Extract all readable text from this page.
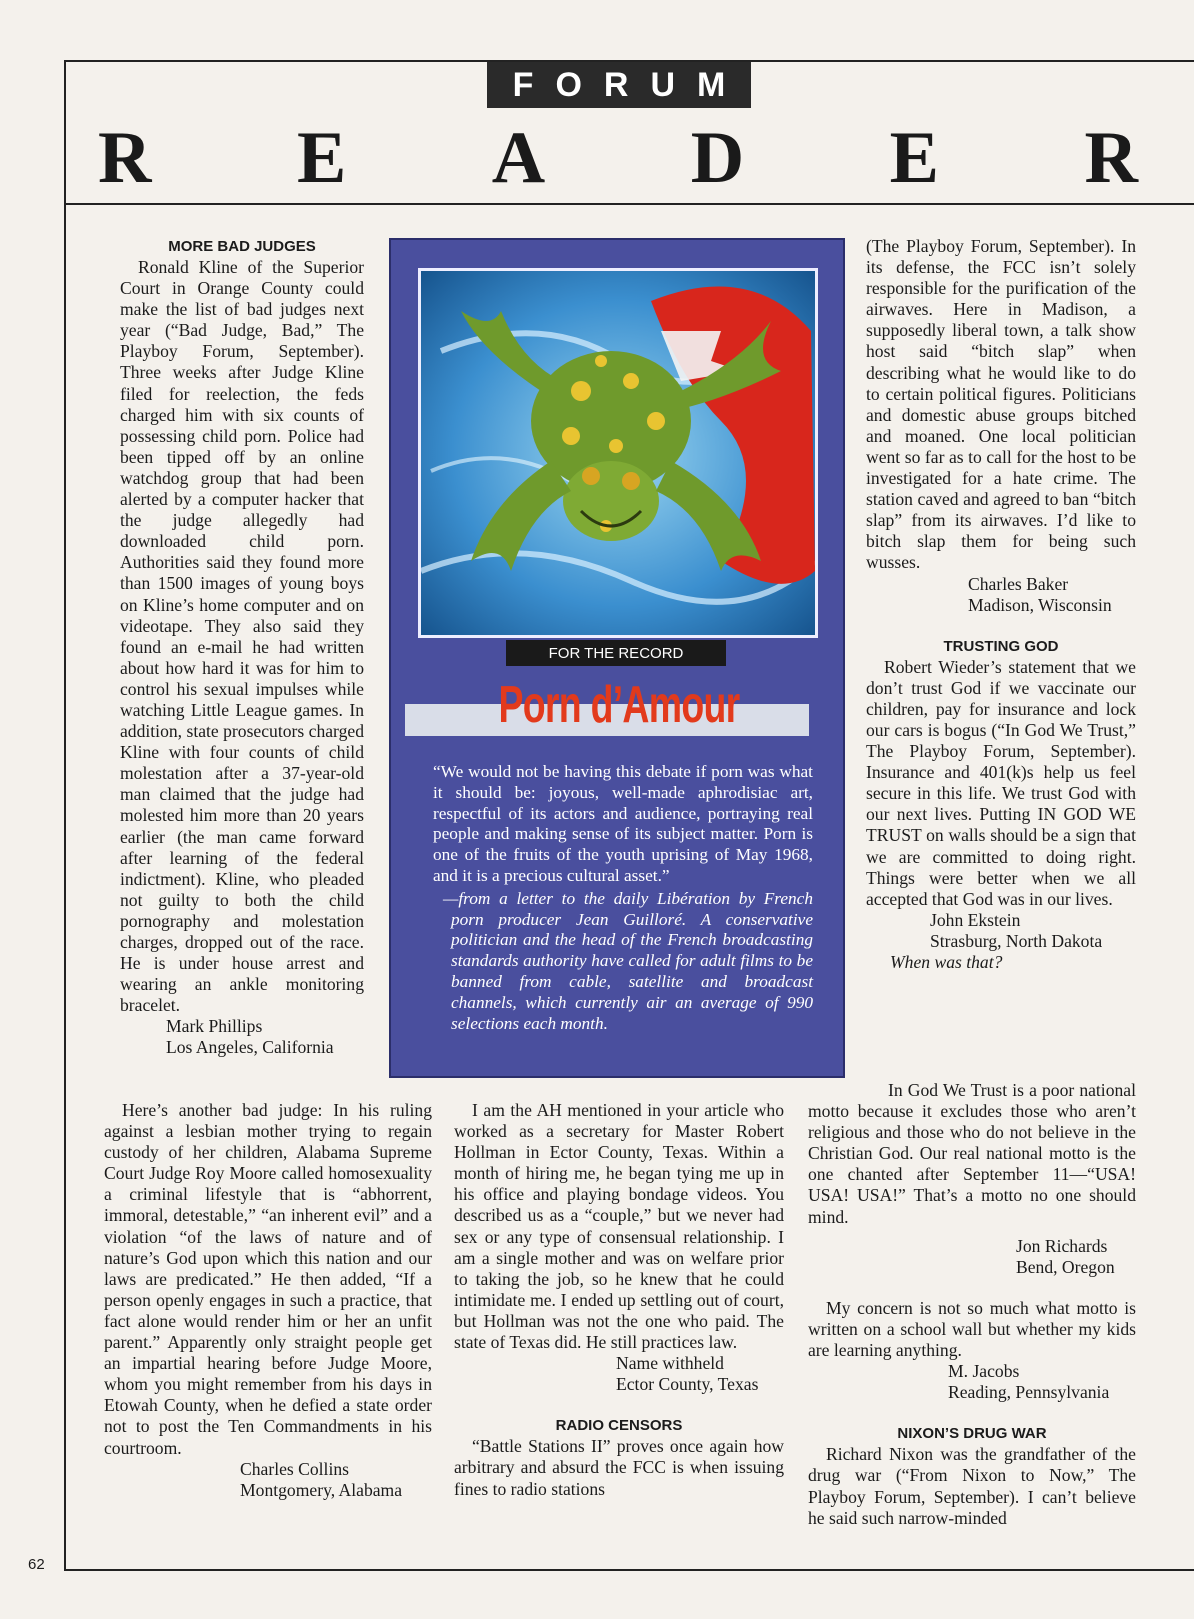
FORUM
R E A D E R

MORE BAD JUDGES

Ronald Kline of the Superior Court in Orange County could make the list of bad judges next year (“Bad Judge, Bad,” The Playboy Forum, September). Three weeks after Judge Kline filed for reelection, the feds charged him with six counts of possessing child porn. Police had been tipped off by an online watchdog group that had been alerted by a computer hacker that the judge allegedly had downloaded child porn. Authorities said they found more than 1500 images of young boys on Kline’s home computer and on videotape. They also said they found an e-mail he had written about how hard it was for him to control his sexual impulses while watching Little League games. In addition, state prosecutors charged Kline with four counts of child molestation after a 37-year-old man claimed that the judge had molested him more than 20 years earlier (the man came forward after learning of the federal indictment). Kline, who pleaded not guilty to both the child pornography and molestation charges, dropped out of the race. He is under house arrest and wearing an ankle monitoring bracelet.

Mark Phillips

Los Angeles, California

Here’s another bad judge: In his ruling against a lesbian mother trying to regain custody of her children, Alabama Supreme Court Judge Roy Moore called homosexuality a criminal lifestyle that is “abhorrent, immoral, detestable,” “an inherent evil” and a violation “of the laws of nature and of nature’s God upon which this nation and our laws are predicated.” He then added, “If a person openly engages in such a practice, that fact alone would render him or her an unfit parent.” Apparently only straight people get an impartial hearing before Judge Moore, whom you might remember from his days in Etowah County, when he defied a state order not to post the Ten Commandments in his courtroom.

Charles Collins

Montgomery, Alabama

FOR THE RECORD
Porn d’Amour

“We would not be having this debate if porn was what it should be: joyous, well-made aphrodisiac art, respectful of its actors and audience, portraying real people and making sense of its subject matter. Porn is one of the fruits of the youth uprising of May 1968, and it is a precious cultural asset.”

—from a letter to the daily Libération by French porn producer Jean Guilloré. A conservative politician and the head of the French broadcasting standards authority have called for adult films to be banned from cable, satellite and broadcast channels, which currently air an average of 990 selections each month.

I am the AH mentioned in your article who worked as a secretary for Master Robert Hollman in Ector County, Texas. Within a month of hiring me, he began tying me up in his office and playing bondage videos. You described us as a “couple,” but we never had sex or any type of consensual relationship. I am a single mother and was on welfare prior to taking the job, so he knew that he could intimidate me. I ended up settling out of court, but Hollman was not the one who paid. The state of Texas did. He still practices law.

Name withheld

Ector County, Texas

RADIO CENSORS

“Battle Stations II” proves once again how arbitrary and absurd the FCC is when issuing fines to radio stations

(The Playboy Forum, September). In its defense, the FCC isn’t solely responsible for the purification of the airwaves. Here in Madison, a supposedly liberal town, a talk show host said “bitch slap” when describing what he would like to do to certain political figures. Politicians and domestic abuse groups bitched and moaned. One local politician went so far as to call for the host to be investigated for a hate crime. The station caved and agreed to ban “bitch slap” from its airwaves. I’d like to bitch slap them for being such wusses.

Charles Baker

Madison, Wisconsin

TRUSTING GOD

Robert Wieder’s statement that we don’t trust God if we vaccinate our children, pay for insurance and lock our cars is bogus (“In God We Trust,” The Playboy Forum, September). Insurance and 401(k)s help us feel secure in this life. We trust God with our next lives. Putting IN GOD WE TRUST on walls should be a sign that we are committed to doing right. Things were better when we all accepted that God was in our lives.

John Ekstein

Strasburg, North Dakota

When was that?

In God We Trust is a poor national motto because it excludes those who aren’t religious and those who do not believe in the Christian God. Our real national motto is the one chanted after September 11—“USA! USA! USA!” That’s a motto no one should mind.

Jon Richards

Bend, Oregon

My concern is not so much what motto is written on a school wall but whether my kids are learning anything.

M. Jacobs

Reading, Pennsylvania

NIXON’S DRUG WAR

Richard Nixon was the grandfather of the drug war (“From Nixon to Now,” The Playboy Forum, September). I can’t believe he said such narrow-minded

62
